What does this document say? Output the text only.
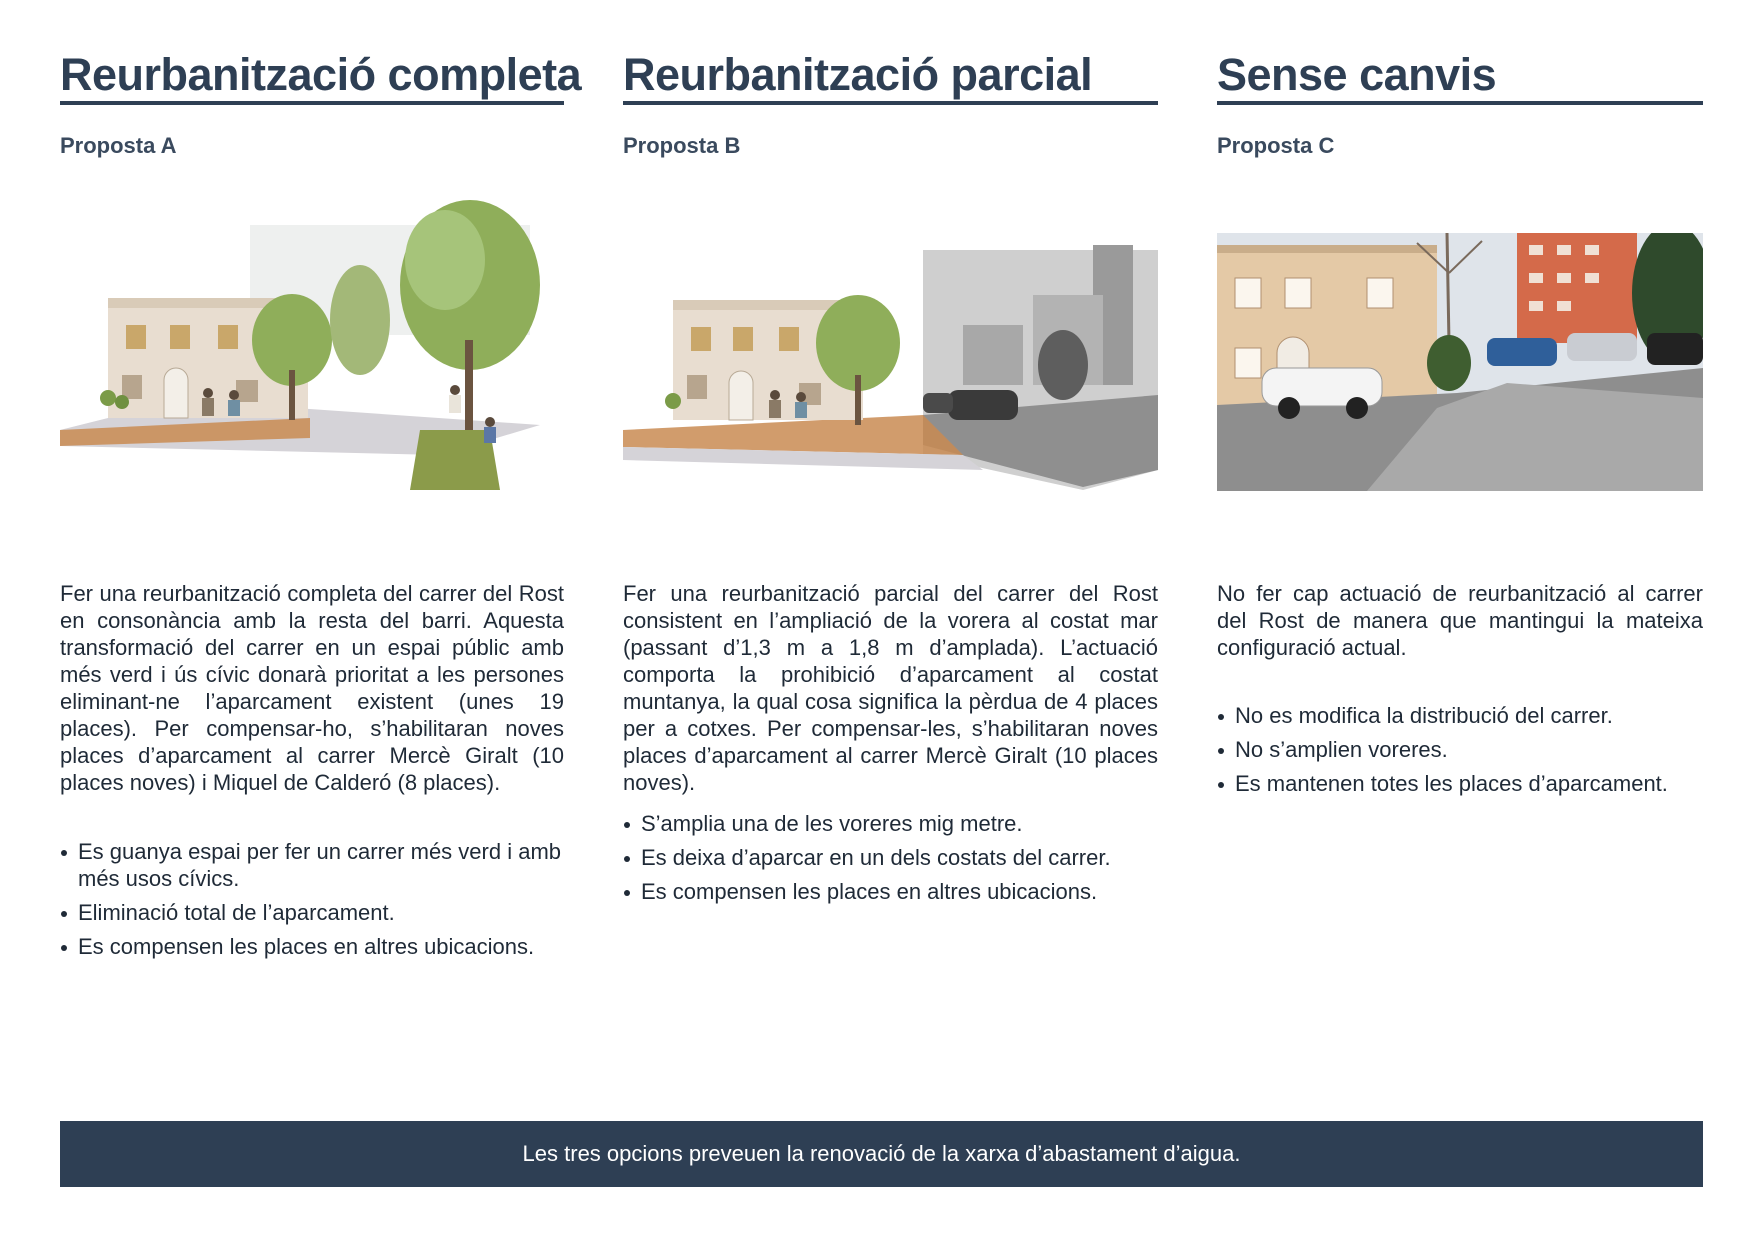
Reurbanització completa
Proposta A

Fer una reurbanització completa del carrer del Rost en consonància amb la resta del barri. Aquesta transformació del carrer en un espai públic amb més verd i ús cívic donarà prioritat a les persones eliminant-ne l’aparcament existent (unes 19 places). Per compensar-ho, s’habilitaran noves places d’aparcament al carrer Mercè Giralt (10 places noves) i Miquel de Calderó (8 places).

Es guanya espai per fer un carrer més verd i amb més usos cívics.
Eliminació total de l’aparcament.
Es compensen les places en altres ubicacions.
Reurbanització parcial
Proposta B

Fer una reurbanització parcial del carrer del Rost consistent en l’ampliació de la vorera al costat mar (passant d’1,3 m a 1,8 m d’amplada). L’actuació comporta la prohibició d’aparcament al costat muntanya, la qual cosa significa la pèrdua de 4 places per a cotxes. Per compensar-les, s’habilitaran noves places d’aparcament al carrer Mercè Giralt (10 places noves).

S’amplia una de les voreres mig metre.
Es deixa d’aparcar en un dels costats del carrer.
Es compensen les places en altres ubicacions.
Sense canvis
Proposta C

No fer cap actuació de reurbanització al carrer del Rost de manera que mantingui la mateixa configuració actual.

No es modifica la distribució del carrer.
No s’amplien voreres.
Es mantenen totes les places d’aparcament.
Les tres opcions preveuen la renovació de la xarxa d’abastament d’aigua.
